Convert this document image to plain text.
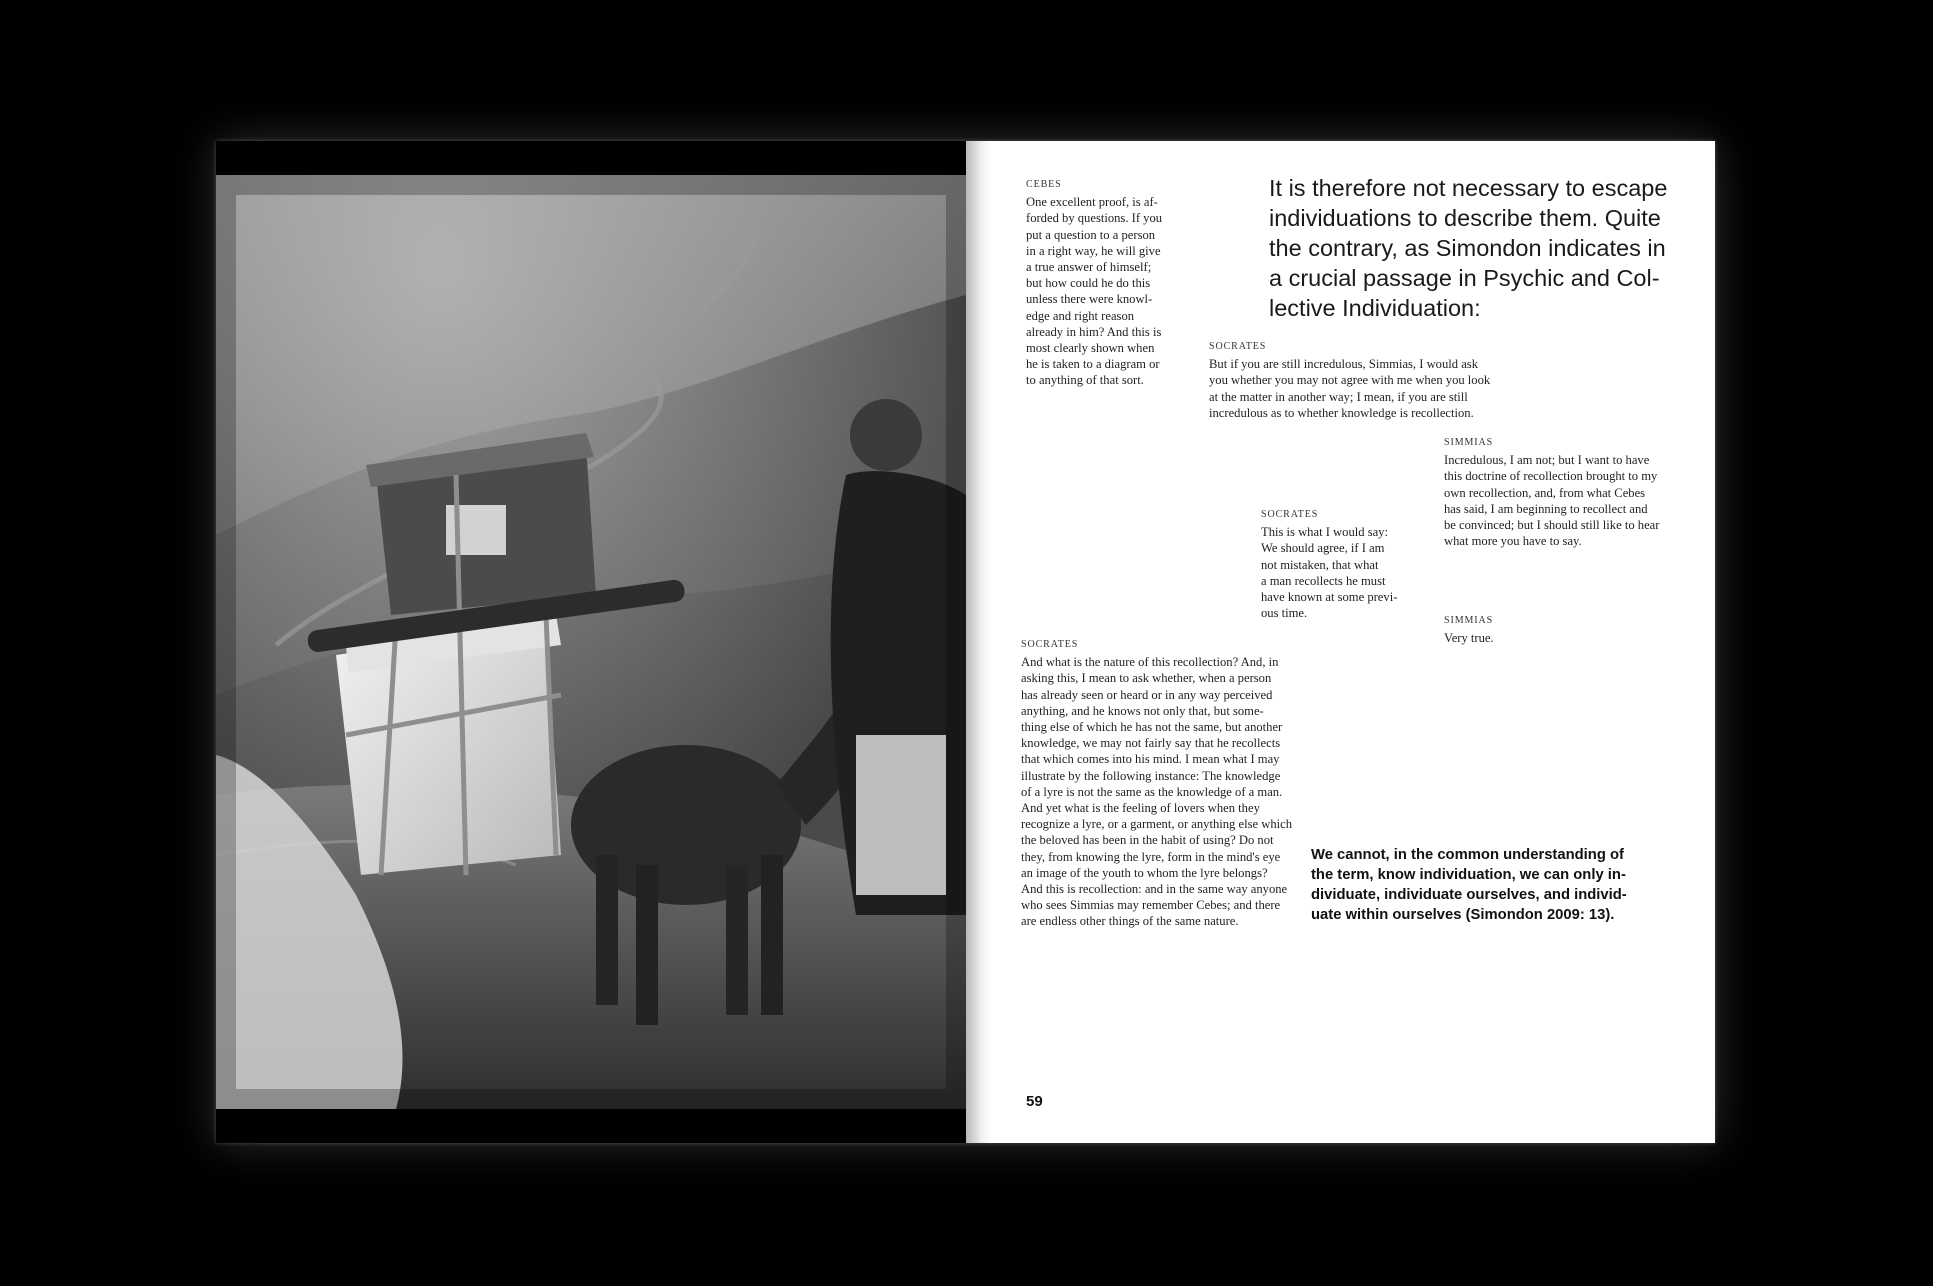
It is therefore not necessary to escape
individuations to describe them. Quite
the contrary, as Simondon indicates in
a crucial passage in Psychic and Col-
lective Individuation:

CEBES

One excellent proof, is af-
forded by questions. If you
put a question to a person
in a right way, he will give
a true answer of himself;
but how could he do this
unless there were knowl-
edge and right reason
already in him? And this is
most clearly shown when
he is taken to a diagram or
to anything of that sort.

SOCRATES

But if you are still incredulous, Simmias, I would ask
you whether you may not agree with me when you look
at the matter in another way; I mean, if you are still
incredulous as to whether knowledge is recollection.

SIMMIAS

Incredulous, I am not; but I want to have
this doctrine of recollection brought to my
own recollection, and, from what Cebes
has said, I am beginning to recollect and
be convinced; but I should still like to hear
what more you have to say.

SOCRATES

This is what I would say:
We should agree, if I am
not mistaken, that what
a man recollects he must
have known at some previ-
ous time.

SIMMIAS

Very true.

SOCRATES

And what is the nature of this recollection? And, in
asking this, I mean to ask whether, when a person
has already seen or heard or in any way perceived
anything, and he knows not only that, but some-
thing else of which he has not the same, but another
knowledge, we may not fairly say that he recollects
that which comes into his mind. I mean what I may
illustrate by the following instance: The knowledge
of a lyre is not the same as the knowledge of a man.
And yet what is the feeling of lovers when they
recognize a lyre, or a garment, or anything else which
the beloved has been in the habit of using? Do not
they, from knowing the lyre, form in the mind's eye
an image of the youth to whom the lyre belongs?
And this is recollection: and in the same way anyone
who sees Simmias may remember Cebes; and there
are endless other things of the same nature.

We cannot, in the common understanding of
the term, know individuation, we can only in-
dividuate, individuate ourselves, and individ-
uate within ourselves (Simondon 2009: 13).

59
